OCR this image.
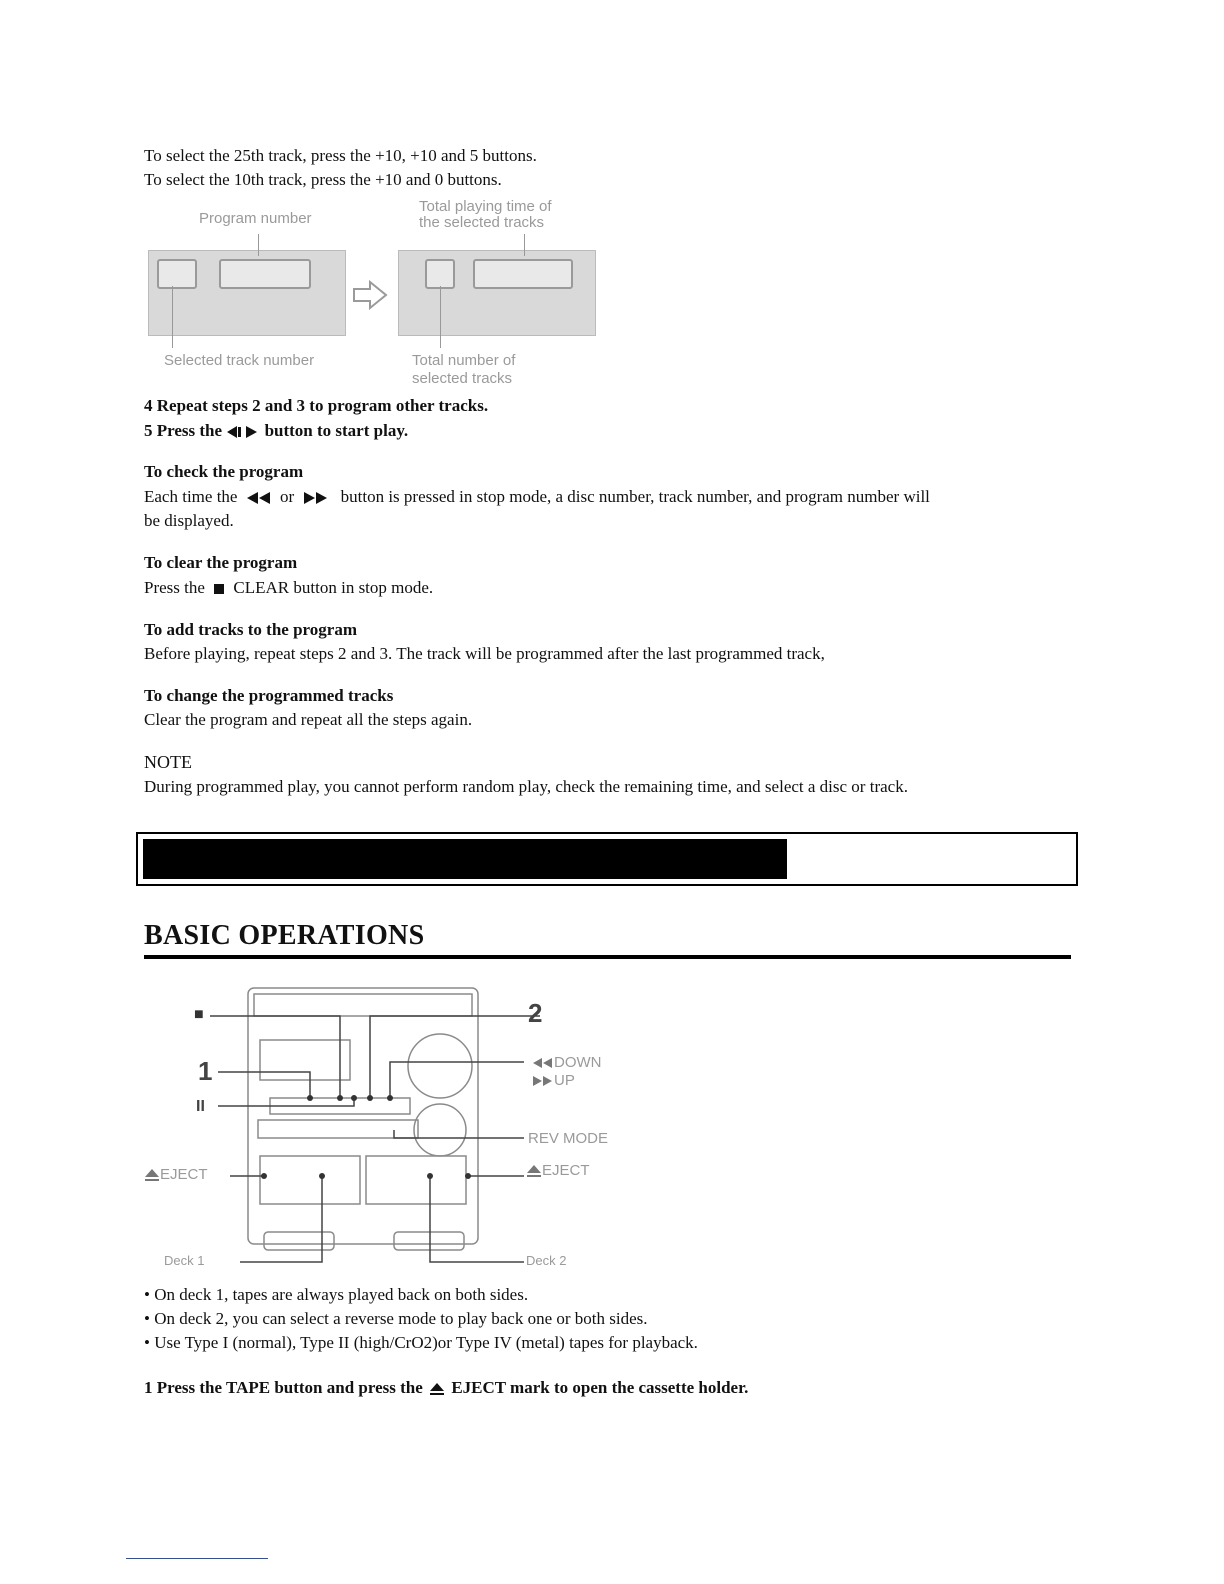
To select the 25th track, press the +10, +10 and 5 buttons.
To select the 10th track, press the +10 and 0 buttons.
Program number
Total playing time of
the selected tracks
Selected track number	Total number of
selected tracks
4 Repeat steps 2 and 3 to program other tracks.
5 Press the	button to start play.
To check the program
Each time the	or	button is pressed in stop mode, a disc number, track number, and program number will
be displayed.
To clear the program
Press the CLEAR button in stop mode.
To add tracks to the program
Before playing, repeat steps 2 and 3. The track will be programmed after the last programmed track,
To change the programmed tracks
Clear the program and repeat all the steps again.
NOTE
During programmed play, you cannot perform random play, check the remaining time, and select a disc or track.
BASIC OPERATIONS
■	2
1
II
DOWN
UP
REV MODE
EJECT	EJECT
Deck 1	Deck 2
• On deck 1, tapes are always played back on both sides.
• On deck 2, you can select a reverse mode to play back one or both sides.
• Use Type I (normal), Type II (high/CrO2)or Type IV (metal) tapes for playback.
1 Press the TAPE button and press the EJECT mark to open the cassette holder.
